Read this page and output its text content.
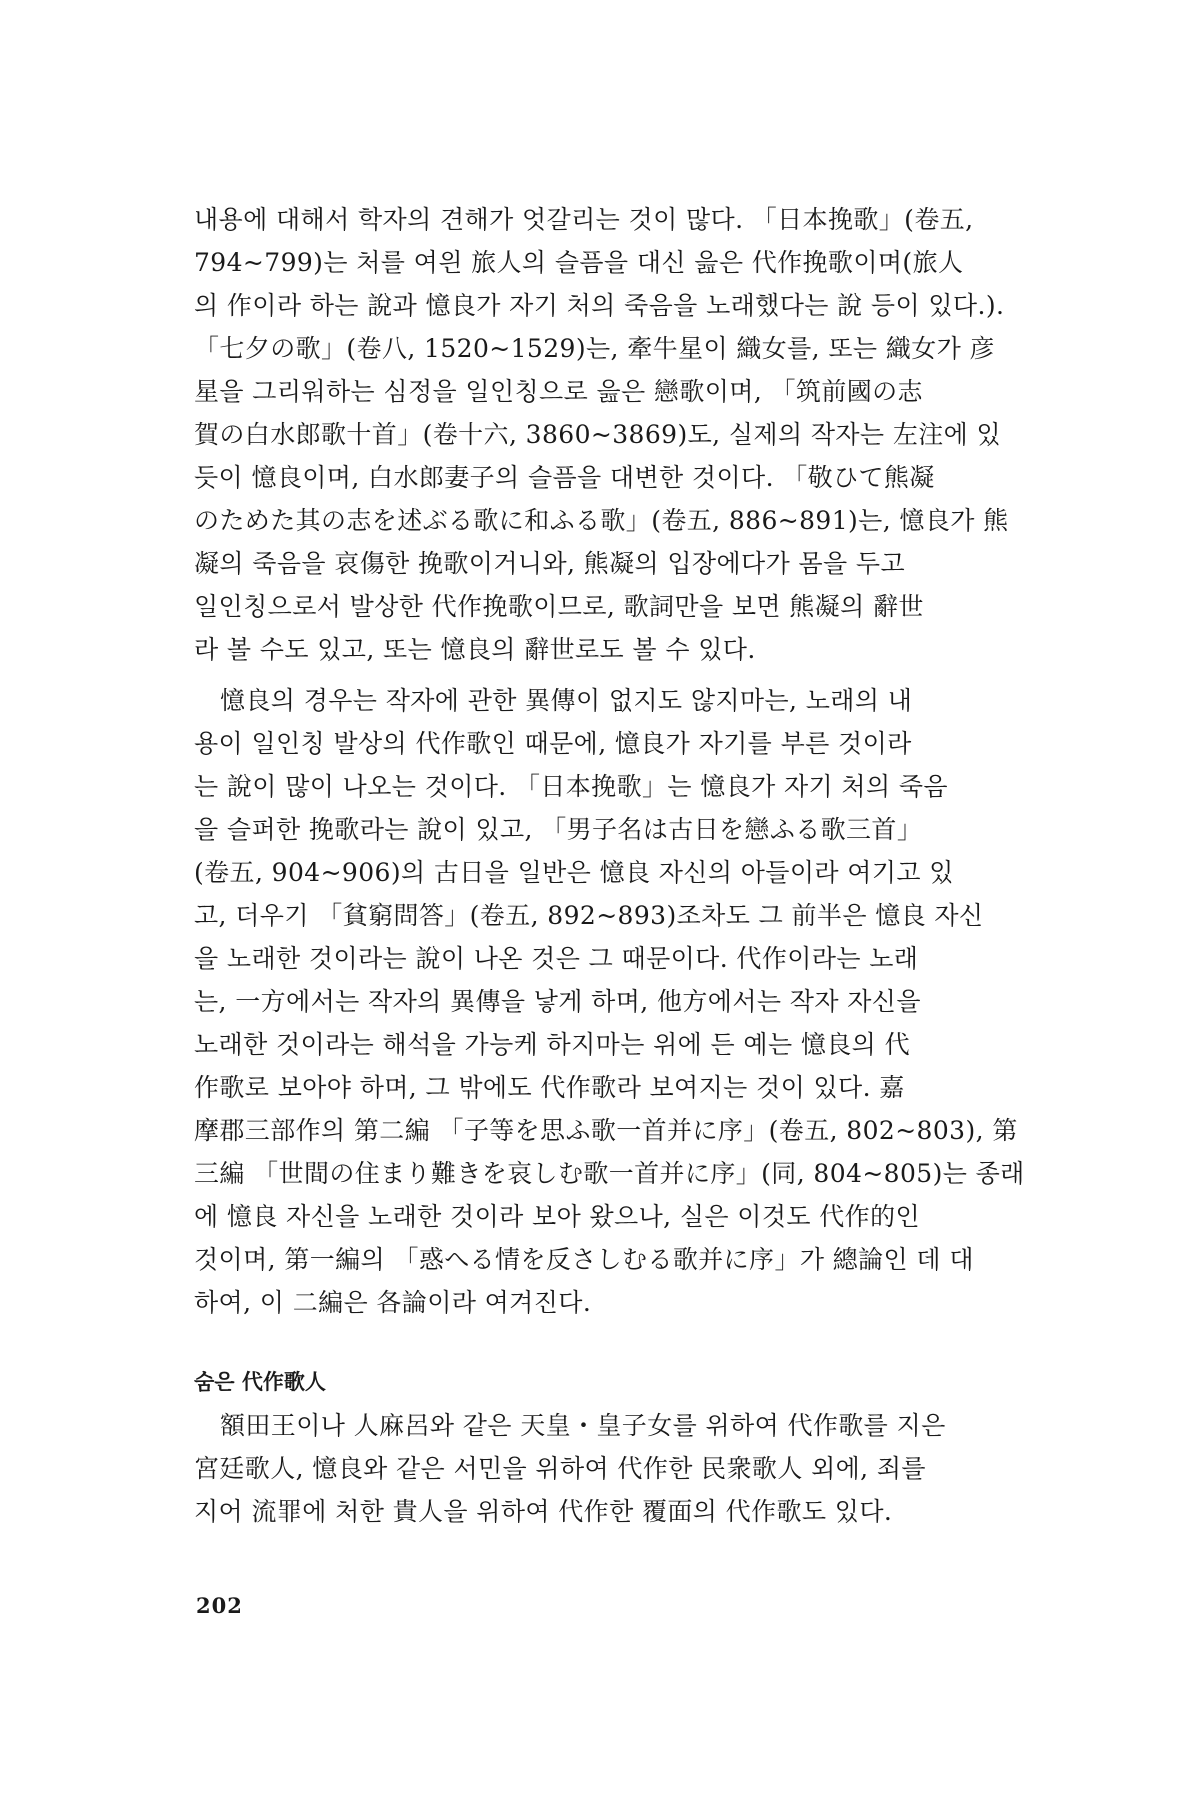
내용에 대해서 학자의 견해가 엇갈리는 것이 많다. 「日本挽歌」(卷五,
794~799)는 처를 여읜 旅人의 슬픔을 대신 읊은 代作挽歌이며(旅人
의 作이라 하는 說과 憶良가 자기 처의 죽음을 노래했다는 說 등이 있다.).
「七夕の歌」(卷八, 1520~1529)는, 牽牛星이 織女를, 또는 織女가 彦
星을 그리워하는 심정을 일인칭으로 읊은 戀歌이며, 「筑前國の志
賀の白水郎歌十首」(卷十六, 3860~3869)도, 실제의 작자는 左注에 있
듯이 憶良이며, 白水郎妻子의 슬픔을 대변한 것이다. 「敬ひて熊凝
のためた其の志を述ぶる歌に和ふる歌」(卷五, 886~891)는, 憶良가 熊
凝의 죽음을 哀傷한 挽歌이거니와, 熊凝의 입장에다가 몸을 두고
일인칭으로서 발상한 代作挽歌이므로, 歌詞만을 보면 熊凝의 辭世
라 볼 수도 있고, 또는 憶良의 辭世로도 볼 수 있다.
憶良의 경우는 작자에 관한 異傳이 없지도 않지마는, 노래의 내
용이 일인칭 발상의 代作歌인 때문에, 憶良가 자기를 부른 것이라
는 說이 많이 나오는 것이다. 「日本挽歌」는 憶良가 자기 처의 죽음
을 슬퍼한 挽歌라는 說이 있고, 「男子名は古日を戀ふる歌三首」
(卷五, 904~906)의 古日을 일반은 憶良 자신의 아들이라 여기고 있
고, 더우기 「貧窮問答」(卷五, 892~893)조차도 그 前半은 憶良 자신
을 노래한 것이라는 說이 나온 것은 그 때문이다. 代作이라는 노래
는, 一方에서는 작자의 異傳을 낳게 하며, 他方에서는 작자 자신을
노래한 것이라는 해석을 가능케 하지마는 위에 든 예는 憶良의 代
作歌로 보아야 하며, 그 밖에도 代作歌라 보여지는 것이 있다. 嘉
摩郡三部作의 第二編 「子等を思ふ歌一首并に序」(卷五, 802~803), 第
三編 「世間の住まり難きを哀しむ歌一首并に序」(同, 804~805)는 종래
에 憶良 자신을 노래한 것이라 보아 왔으나, 실은 이것도 代作的인
것이며, 第一編의 「惑へる情を反さしむる歌并に序」가 總論인 데 대
하여, 이 二編은 各論이라 여겨진다.
숨은 代作歌人
額田王이나 人麻呂와 같은 天皇・皇子女를 위하여 代作歌를 지은
宮廷歌人, 憶良와 같은 서민을 위하여 代作한 民衆歌人 외에, 죄를
지어 流罪에 처한 貴人을 위하여 代作한 覆面의 代作歌도 있다.
202
